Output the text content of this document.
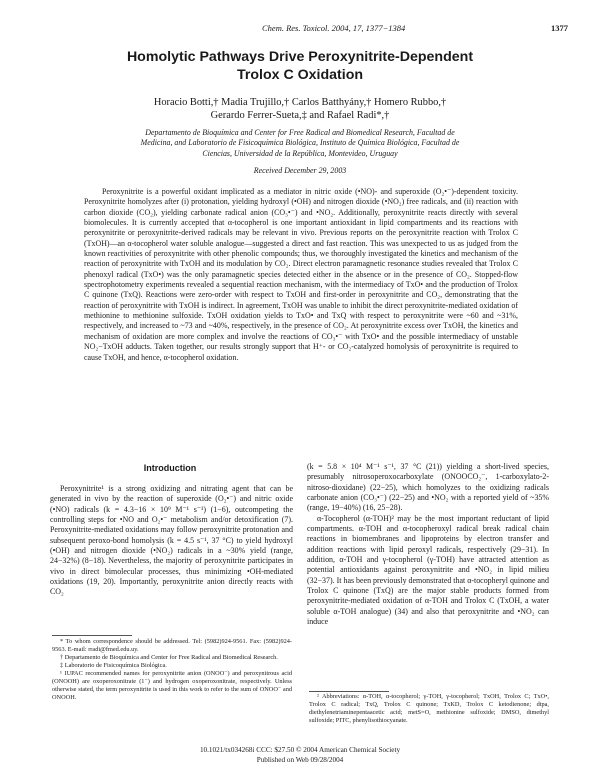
Chem. Res. Toxicol. 2004, 17, 1377−1384	1377
Homolytic Pathways Drive Peroxynitrite-Dependent
Trolox C Oxidation
Horacio Botti,† Madia Trujillo,† Carlos Batthyány,† Homero Rubbo,†
Gerardo Ferrer-Sueta,‡ and Rafael Radi*,†
Departamento de Bioquímica and Center for Free Radical and Biomedical Research, Facultad de
Medicina, and Laboratorio de Fisicoquímica Biológica, Instituto de Química Biológica, Facultad de
Ciencias, Universidad de la República, Montevideo, Uruguay
Received December 29, 2003

Peroxynitrite is a powerful oxidant implicated as a mediator in nitric oxide (•NO)- and superoxide (O₂•⁻)-dependent toxicity. Peroxynitrite homolyzes after (i) protonation, yielding hydroxyl (•OH) and nitrogen dioxide (•NO₂) free radicals, and (ii) reaction with carbon dioxide (CO₂), yielding carbonate radical anion (CO₃•⁻) and •NO₂. Additionally, peroxynitrite reacts directly with several biomolecules. It is currently accepted that α-tocopherol is one important antioxidant in lipid compartments and its reactions with peroxynitrite or peroxynitrite-derived radicals may be relevant in vivo. Previous reports on the peroxynitrite reaction with Trolox C (TxOH)—an α-tocopherol water soluble analogue—suggested a direct and fast reaction. This was unexpected to us as judged from the known reactivities of peroxynitrite with other phenolic compounds; thus, we thoroughly investigated the kinetics and mechanism of the reaction of peroxynitrite with TxOH and its modulation by CO₂. Direct electron paramagnetic resonance studies revealed that Trolox C phenoxyl radical (TxO•) was the only paramagnetic species detected either in the absence or in the presence of CO₂. Stopped-flow spectrophotometry experiments revealed a sequential reaction mechanism, with the intermediacy of TxO• and the production of Trolox C quinone (TxQ). Reactions were zero-order with respect to TxOH and first-order in peroxynitrite and CO₂, demonstrating that the reaction of peroxynitrite with TxOH is indirect. In agreement, TxOH was unable to inhibit the direct peroxynitrite-mediated oxidation of methionine to methionine sulfoxide. TxOH oxidation yields to TxO• and TxQ with respect to peroxynitrite were ~60 and ~31%, respectively, and increased to ~73 and ~40%, respectively, in the presence of CO₂. At peroxynitrite excess over TxOH, the kinetics and mechanism of oxidation are more complex and involve the reactions of CO₃•⁻ with TxO• and the possible intermediacy of unstable NO₂−TxOH adducts. Taken together, our results strongly support that H⁺- or CO₂-catalyzed homolysis of peroxynitrite is required to cause TxOH, and hence, α-tocopherol oxidation.

Introduction

Peroxynitrite¹ is a strong oxidizing and nitrating agent that can be generated in vivo by the reaction of superoxide (O₂•⁻) and nitric oxide (•NO) radicals (k = 4.3−16 × 10⁹ M⁻¹ s⁻¹) (1−6), outcompeting the controlling steps for •NO and O₂•⁻ metabolism and/or detoxification (7). Peroxynitrite-mediated oxidations may follow peroxynitrite protonation and subsequent peroxo-bond homolysis (k = 4.5 s⁻¹, 37 °C) to yield hydroxyl (•OH) and nitrogen dioxide (•NO₂) radicals in a ~30% yield (range, 24−32%) (8−18). Nevertheless, the majority of peroxynitrite participates in vivo in direct bimolecular processes, thus minimizing •OH-mediated oxidations (19, 20). Importantly, peroxynitrite anion directly reacts with CO₂

(k = 5.8 × 10⁴ M⁻¹ s⁻¹, 37 °C (21)) yielding a short-lived species, presumably nitrosoperoxocarboxylate (ONOOCO₂⁻, 1-carboxylato-2-nitroso-dioxidane) (22−25), which homolyzes to the oxidizing radicals carbonate anion (CO₃•⁻) (22−25) and •NO₂ with a reported yield of ~35% (range, 19−40%) (16, 25−28).

α-Tocopherol (α-TOH)² may be the most important reductant of lipid compartments. α-TOH and α-tocopheroxyl radical break radical chain reactions in biomembranes and lipoproteins by electron transfer and addition reactions with lipid peroxyl radicals, respectively (29−31). In addition, α-TOH and γ-tocopherol (γ-TOH) have attracted attention as potential antioxidants against peroxynitrite and •NO₂ in lipid milieu (32−37). It has been previously demonstrated that α-tocopheryl quinone and Trolox C quinone (TxQ) are the major stable products formed from peroxynitrite-mediated oxidation of α-TOH and Trolox C (TxOH, a water soluble α-TOH analogue) (34) and also that peroxynitrite and •NO₂ can induce

* To whom correspondence should be addressed. Tel: (5982)924-9561. Fax: (5982)924-9563. E-mail: rradi@fmed.edu.uy.

† Departamento de Bioquímica and Center for Free Radical and Biomedical Research.

‡ Laboratorio de Fisicoquímica Biológica.

¹ IUPAC recommended names for peroxynitrite anion (ONOO⁻) and peroxynitrous acid (ONOOH) are oxoperoxonitrate (1⁻) and hydrogen oxoperoxonitrate, respectively. Unless otherwise stated, the term peroxynitrite is used in this work to refer to the sum of ONOO⁻ and ONOOH.	² Abbreviations: α-TOH, α-tocopherol; γ-TOH, γ-tocopherol; TxOH, Trolox C; TxO•, Trolox C radical; TxQ, Trolox C quinone; TxKD, Trolox C ketodienone; dtpa, diethylenetriaminepentaacetic acid; metS=O, methionine sulfoxide; DMSO, dimethyl sulfoxide; PITC, phenylisothiocyanate.

10.1021/tx034268i CCC: $27.50 © 2004 American Chemical Society
Published on Web 09/28/2004
